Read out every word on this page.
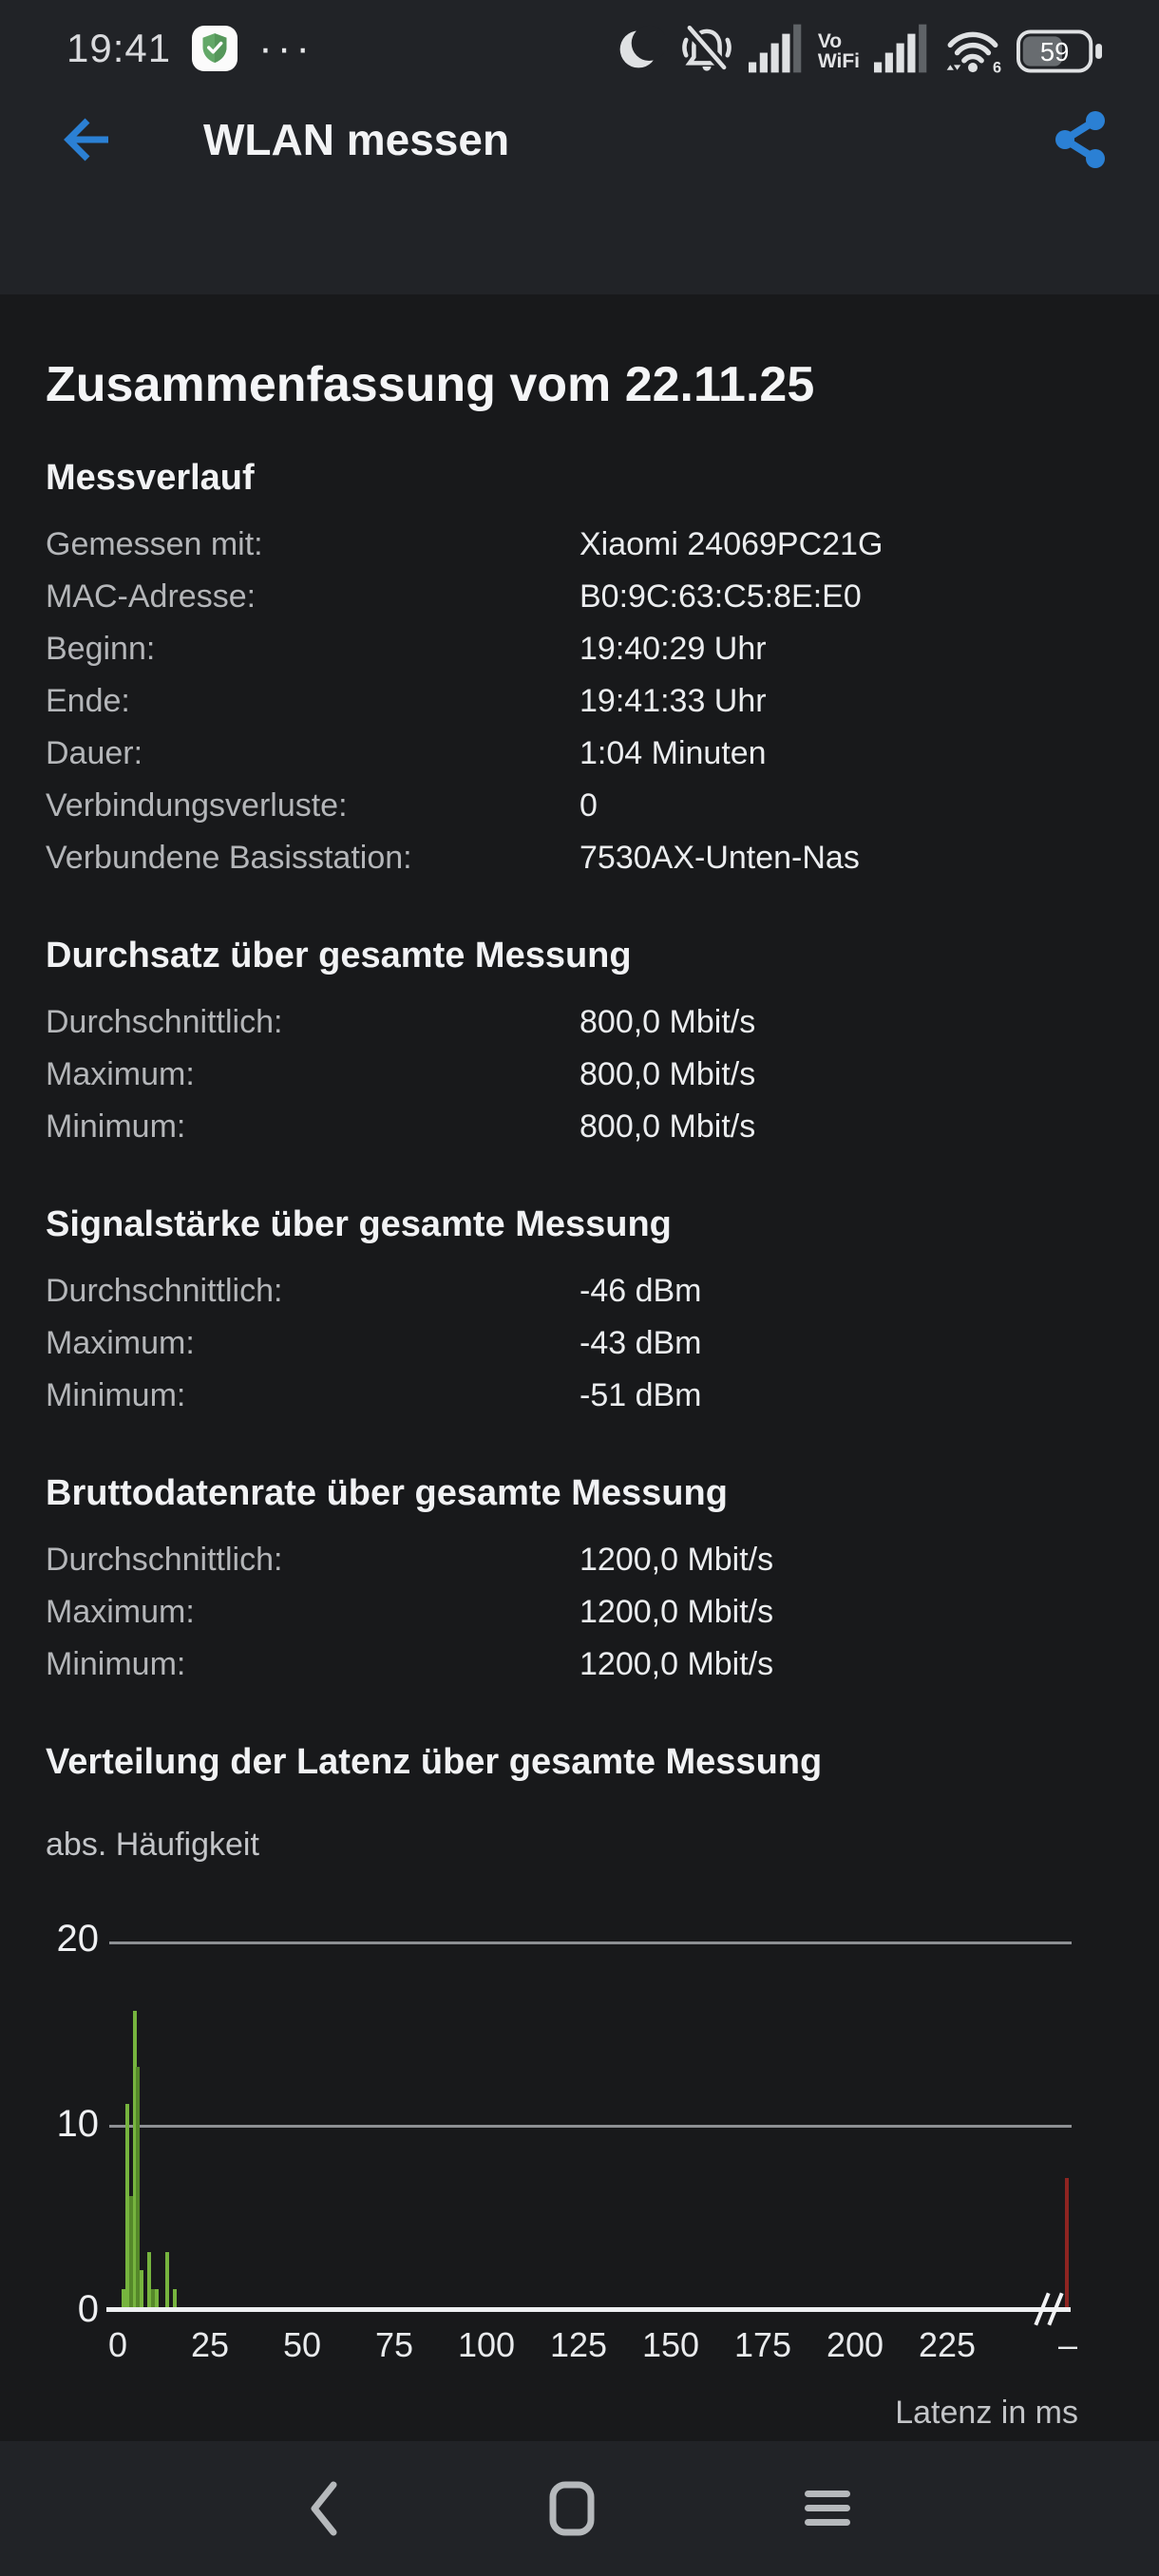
19:41 ···	Vo
WiFi	6
59
WLAN messen
Zusammenfassung vom 22.11.25
Messverlauf
Gemessen mit:	Xiaomi 24069PC21G
MAC-Adresse:	B0:9C:63:C5:8E:E0
Beginn:	19:40:29 Uhr
Ende:	19:41:33 Uhr
Dauer:	1:04 Minuten
Verbindungsverluste:	0
Verbundene Basisstation:	7530AX-Unten-Nas
Durchsatz über gesamte Messung
Durchschnittlich:	800,0 Mbit/s
Maximum:	800,0 Mbit/s
Minimum:	800,0 Mbit/s
Signalstärke über gesamte Messung
Durchschnittlich:	-46 dBm
Maximum:	-43 dBm
Minimum:	-51 dBm
Bruttodatenrate über gesamte Messung
Durchschnittlich:	1200,0 Mbit/s
Maximum:	1200,0 Mbit/s
Minimum:	1200,0 Mbit/s
Verteilung der Latenz über gesamte Messung
abs. Häufigkeit
0
10
20
0 25 50 75 100 125 150 175 200 225 –
Latenz in ms
